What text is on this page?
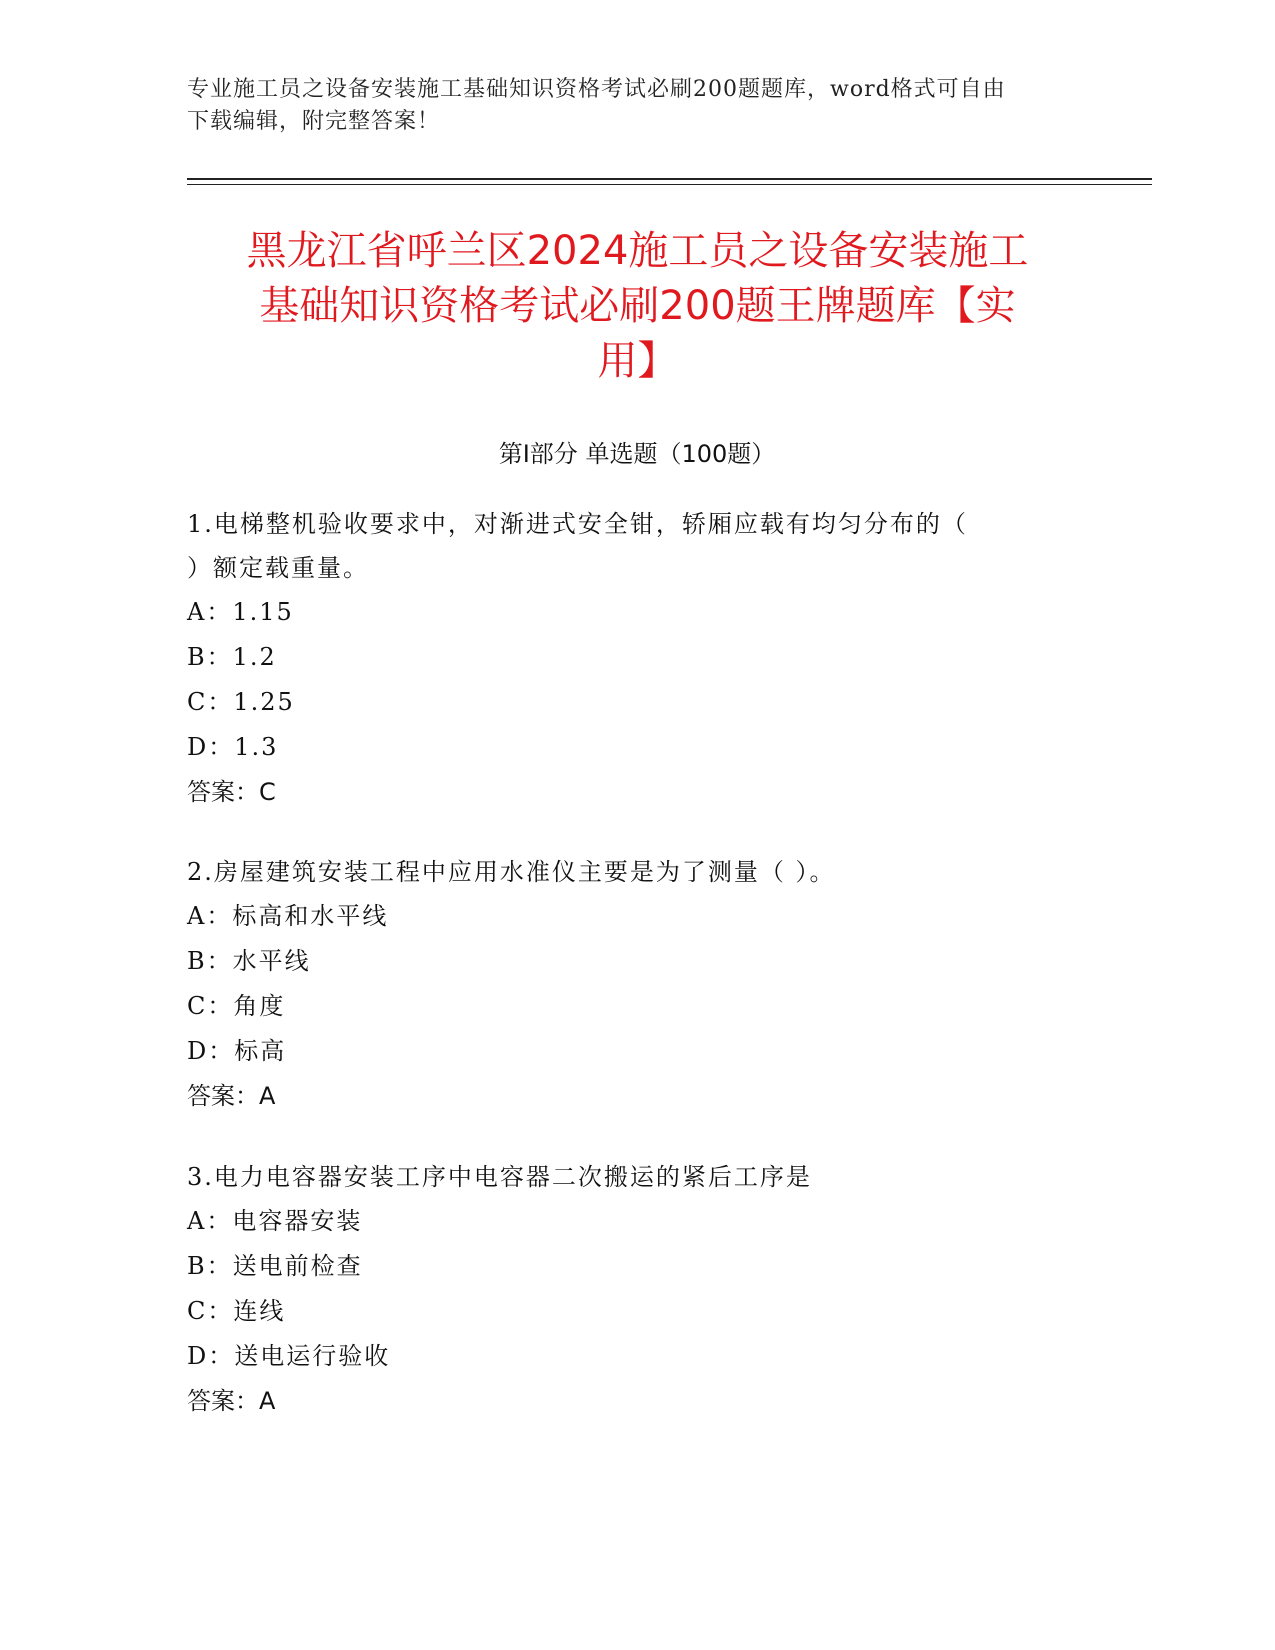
专业施工员之设备安装施工基础知识资格考试必刷200题题库，word格式可自由
下载编辑，附完整答案！
黑龙江省呼兰区2024施工员之设备安装施工
基础知识资格考试必刷200题王牌题库【实
用】
第Ⅰ部分 单选题（100题）

1.电梯整机验收要求中，对渐进式安全钳，轿厢应载有均匀分布的（
）额定载重量。

A：1.15

B：1.2

C：1.25

D：1.3

答案：C

2.房屋建筑安装工程中应用水准仪主要是为了测量（ ）。

A：标高和水平线

B：水平线

C：角度

D：标高

答案：A

3.电力电容器安装工序中电容器二次搬运的紧后工序是

A：电容器安装

B：送电前检查

C：连线

D：送电运行验收

答案：A
